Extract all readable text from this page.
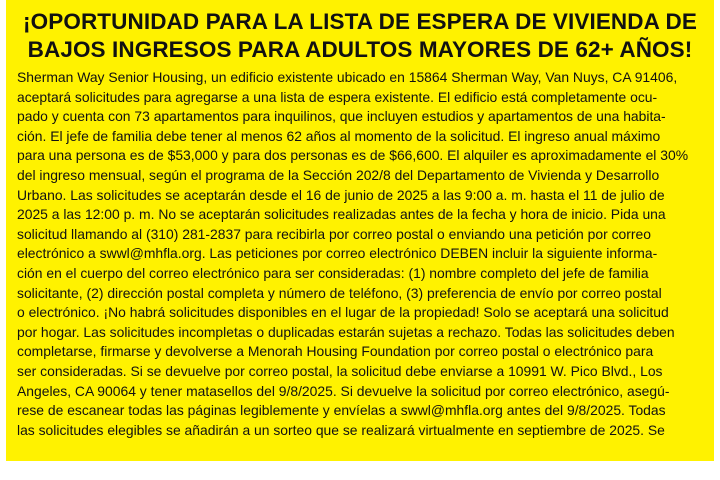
¡OPORTUNIDAD PARA LA LISTA DE ESPERA DE VIVIENDA DE
BAJOS INGRESOS PARA ADULTOS MAYORES DE 62+ AÑOS!
Sherman Way Senior Housing, un edificio existente ubicado en 15864 Sherman Way, Van Nuys, CA 91406,
aceptará solicitudes para agregarse a una lista de espera existente. El edificio está completamente ocu-
pado y cuenta con 73 apartamentos para inquilinos, que incluyen estudios y apartamentos de una habita-
ción. El jefe de familia debe tener al menos 62 años al momento de la solicitud. El ingreso anual máximo
para una persona es de $53,000 y para dos personas es de $66,600. El alquiler es aproximadamente el 30%
del ingreso mensual, según el programa de la Sección 202/8 del Departamento de Vivienda y Desarrollo
Urbano. Las solicitudes se aceptarán desde el 16 de junio de 2025 a las 9:00 a. m. hasta el 11 de julio de
2025 a las 12:00 p. m. No se aceptarán solicitudes realizadas antes de la fecha y hora de inicio. Pida una
solicitud llamando al (310) 281-2837 para recibirla por correo postal o enviando una petición por correo
electrónico a swwl@mhfla.org. Las peticiones por correo electrónico DEBEN incluir la siguiente informa-
ción en el cuerpo del correo electrónico para ser consideradas: (1) nombre completo del jefe de familia
solicitante, (2) dirección postal completa y número de teléfono, (3) preferencia de envío por correo postal
o electrónico. ¡No habrá solicitudes disponibles en el lugar de la propiedad! Solo se aceptará una solicitud
por hogar. Las solicitudes incompletas o duplicadas estarán sujetas a rechazo. Todas las solicitudes deben
completarse, firmarse y devolverse a Menorah Housing Foundation por correo postal o electrónico para
ser consideradas. Si se devuelve por correo postal, la solicitud debe enviarse a 10991 W. Pico Blvd., Los
Angeles, CA 90064 y tener matasellos del 9/8/2025. Si devuelve la solicitud por correo electrónico, asegú-
rese de escanear todas las páginas legiblemente y envíelas a swwl@mhfla.org antes del 9/8/2025. Todas
las solicitudes elegibles se añadirán a un sorteo que se realizará virtualmente en septiembre de 2025. Se
